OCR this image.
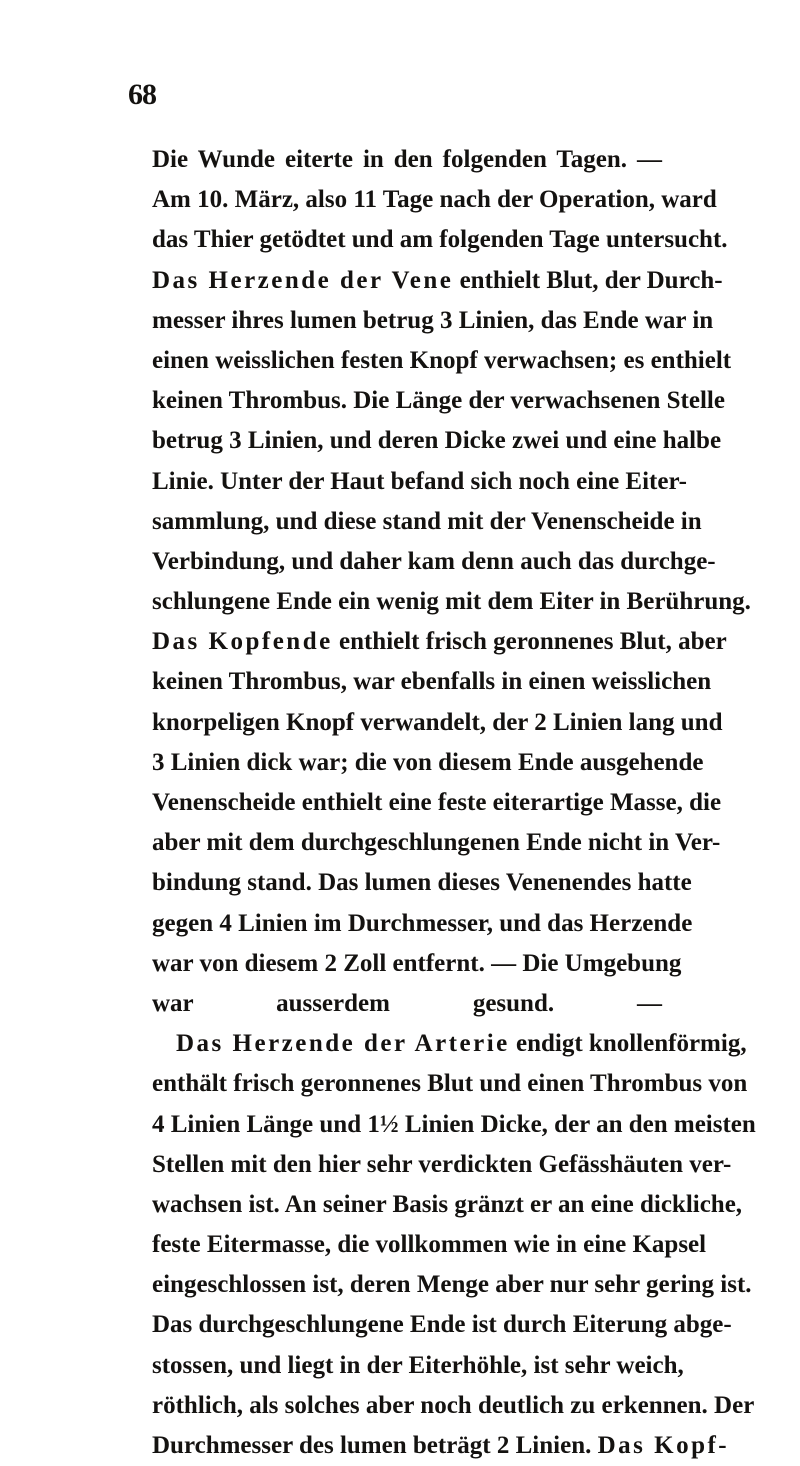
68
Die Wunde eiterte in den folgenden Tagen. —
Am 10. März, also 11 Tage nach der Operation, ward
das Thier getödtet und am folgenden Tage untersucht.
Das Herzende der Vene enthielt Blut, der Durch-
messer ihres lumen betrug 3 Linien, das Ende war in
einen weisslichen festen Knopf verwachsen; es enthielt
keinen Thrombus. Die Länge der verwachsenen Stelle
betrug 3 Linien, und deren Dicke zwei und eine halbe
Linie. Unter der Haut befand sich noch eine Eiter-
sammlung, und diese stand mit der Venenscheide in
Verbindung, und daher kam denn auch das durchge-
schlungene Ende ein wenig mit dem Eiter in Berührung.
Das Kopfende enthielt frisch geronnenes Blut, aber
keinen Thrombus, war ebenfalls in einen weisslichen
knorpeligen Knopf verwandelt, der 2 Linien lang und
3 Linien dick war; die von diesem Ende ausgehende
Venenscheide enthielt eine feste eiterartige Masse, die
aber mit dem durchgeschlungenen Ende nicht in Ver-
bindung stand. Das lumen dieses Venenendes hatte
gegen 4 Linien im Durchmesser, und das Herzende
war von diesem 2 Zoll entfernt. — Die Umgebung
war ausserdem gesund. —
Das Herzende der Arterie endigt knollenförmig,
enthält frisch geronnenes Blut und einen Thrombus von
4 Linien Länge und 1½ Linien Dicke, der an den meisten
Stellen mit den hier sehr verdickten Gefässhäuten ver-
wachsen ist. An seiner Basis gränzt er an eine dickliche,
feste Eitermasse, die vollkommen wie in eine Kapsel
eingeschlossen ist, deren Menge aber nur sehr gering ist.
Das durchgeschlungene Ende ist durch Eiterung abge-
stossen, und liegt in der Eiterhöhle, ist sehr weich,
röthlich, als solches aber noch deutlich zu erkennen. Der
Durchmesser des lumen beträgt 2 Linien. Das Kopf-
